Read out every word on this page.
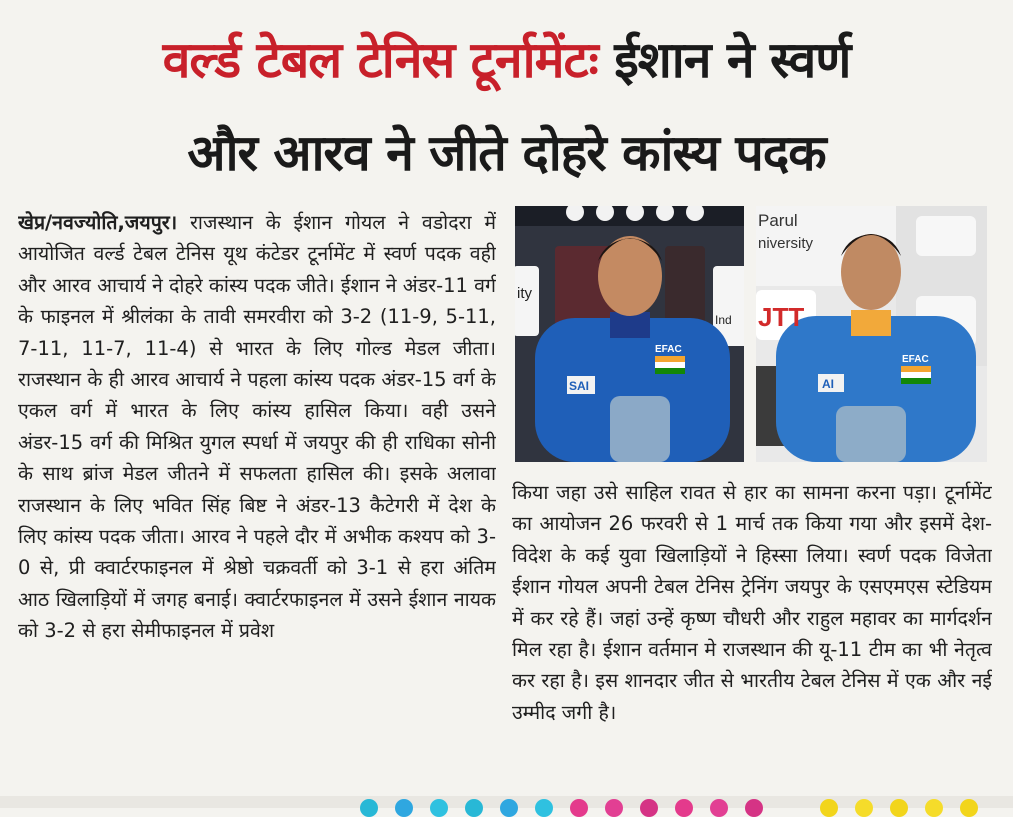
वर्ल्ड टेबल टेनिस टूर्नामेंटः ईशान ने स्वर्ण
और आरव ने जीते दोहरे कांस्य पदक
खेप्र/नवज्योति,जयपुर। राजस्थान के ईशान गोयल ने वडोदरा में आयोजित वर्ल्ड टेबल टेनिस यूथ कंटेडर टूर्नामेंट में स्वर्ण पदक वही और आरव आचार्य ने दोहरे कांस्य पदक जीते। ईशान ने अंडर-11 वर्ग के फाइनल में श्रीलंका के तावी समरवीरा को 3-2 (11-9, 5-11, 7-11, 11-7, 11-4) से भारत के लिए गोल्ड मेडल जीता। राजस्थान के ही आरव आचार्य ने पहला कांस्य पदक अंडर-15 वर्ग के एकल वर्ग में भारत के लिए कांस्य हासिल किया। वही उसने अंडर-15 वर्ग की मिश्रित युगल स्पर्धा में जयपुर की ही राधिका सोनी के साथ ब्रांज मेडल जीतने में सफलता हासिल की। इसके अलावा राजस्थान के लिए भवित सिंह बिष्ट ने अंडर-13 कैटेगरी में देश के लिए कांस्य पदक जीता। आरव ने पहले दौर में अभीक कश्यप को 3-0 से, प्री क्वार्टरफाइनल में श्रेष्ठो चक्रवर्ती को 3-1 से हरा अंतिम आठ खिलाड़ियों में जगह बनाई। क्वार्टरफाइनल में उसने ईशान नायक को 3-2 से हरा सेमीफाइनल में प्रवेश
ity
Ind
SAI
EFAC
Parul
niversity
JTT
AI
EFAC
किया जहा उसे साहिल रावत से हार का सामना करना पड़ा। टूर्नामेंट का आयोजन 26 फरवरी से 1 मार्च तक किया गया और इसमें देश-विदेश के कई युवा खिलाड़ियों ने हिस्सा लिया। स्वर्ण पदक विजेता ईशान गोयल अपनी टेबल टेनिस ट्रेनिंग जयपुर के एसएमएस स्टेडियम में कर रहे हैं। जहां उन्हें कृष्ण चौधरी और राहुल महावर का मार्गदर्शन मिल रहा है। ईशान वर्तमान मे राजस्थान की यू-11 टीम का भी नेतृत्व कर रहा है। इस शानदार जीत से भारतीय टेबल टेनिस में एक और नई उम्मीद जगी है।
